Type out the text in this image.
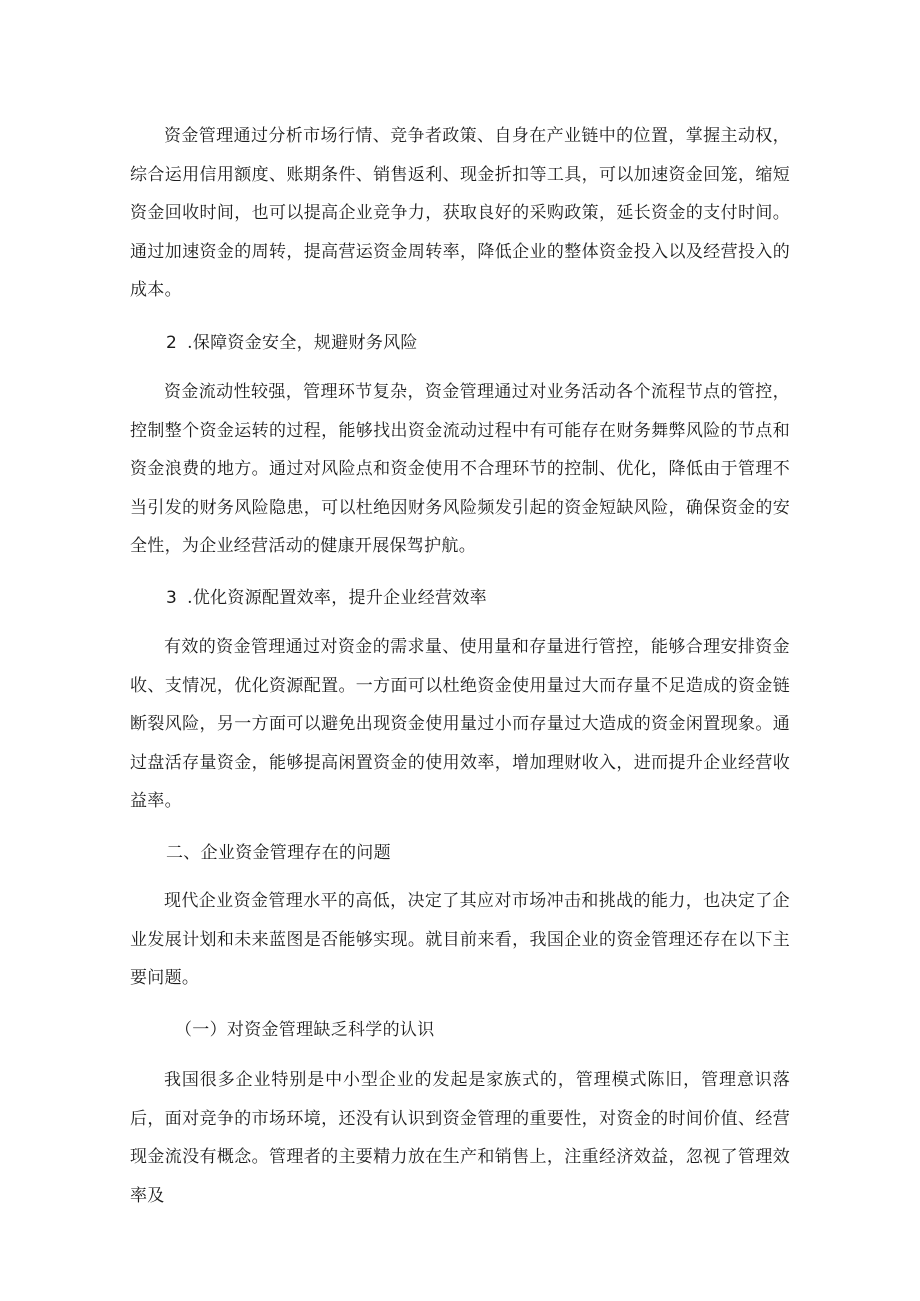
资金管理通过分析市场行情、竞争者政策、自身在产业链中的位置，掌握主动权，综合运用信用额度、账期条件、销售返利、现金折扣等工具，可以加速资金回笼，缩短资金回收时间，也可以提高企业竞争力，获取良好的采购政策，延长资金的支付时间。通过加速资金的周转，提高营运资金周转率，降低企业的整体资金投入以及经营投入的成本。

2 .保障资金安全，规避财务风险

资金流动性较强，管理环节复杂，资金管理通过对业务活动各个流程节点的管控，控制整个资金运转的过程，能够找出资金流动过程中有可能存在财务舞弊风险的节点和资金浪费的地方。通过对风险点和资金使用不合理环节的控制、优化，降低由于管理不当引发的财务风险隐患，可以杜绝因财务风险频发引起的资金短缺风险，确保资金的安全性，为企业经营活动的健康开展保驾护航。

3 .优化资源配置效率，提升企业经营效率

有效的资金管理通过对资金的需求量、使用量和存量进行管控，能够合理安排资金收、支情况，优化资源配置。一方面可以杜绝资金使用量过大而存量不足造成的资金链断裂风险，另一方面可以避免出现资金使用量过小而存量过大造成的资金闲置现象。通过盘活存量资金，能够提高闲置资金的使用效率，增加理财收入，进而提升企业经营收益率。

二、企业资金管理存在的问题

现代企业资金管理水平的高低，决定了其应对市场冲击和挑战的能力，也决定了企业发展计划和未来蓝图是否能够实现。就目前来看，我国企业的资金管理还存在以下主要问题。

（一）对资金管理缺乏科学的认识

我国很多企业特别是中小型企业的发起是家族式的，管理模式陈旧，管理意识落后，面对竞争的市场环境，还没有认识到资金管理的重要性，对资金的时间价值、经营现金流没有概念。管理者的主要精力放在生产和销售上，注重经济效益，忽视了管理效率及
